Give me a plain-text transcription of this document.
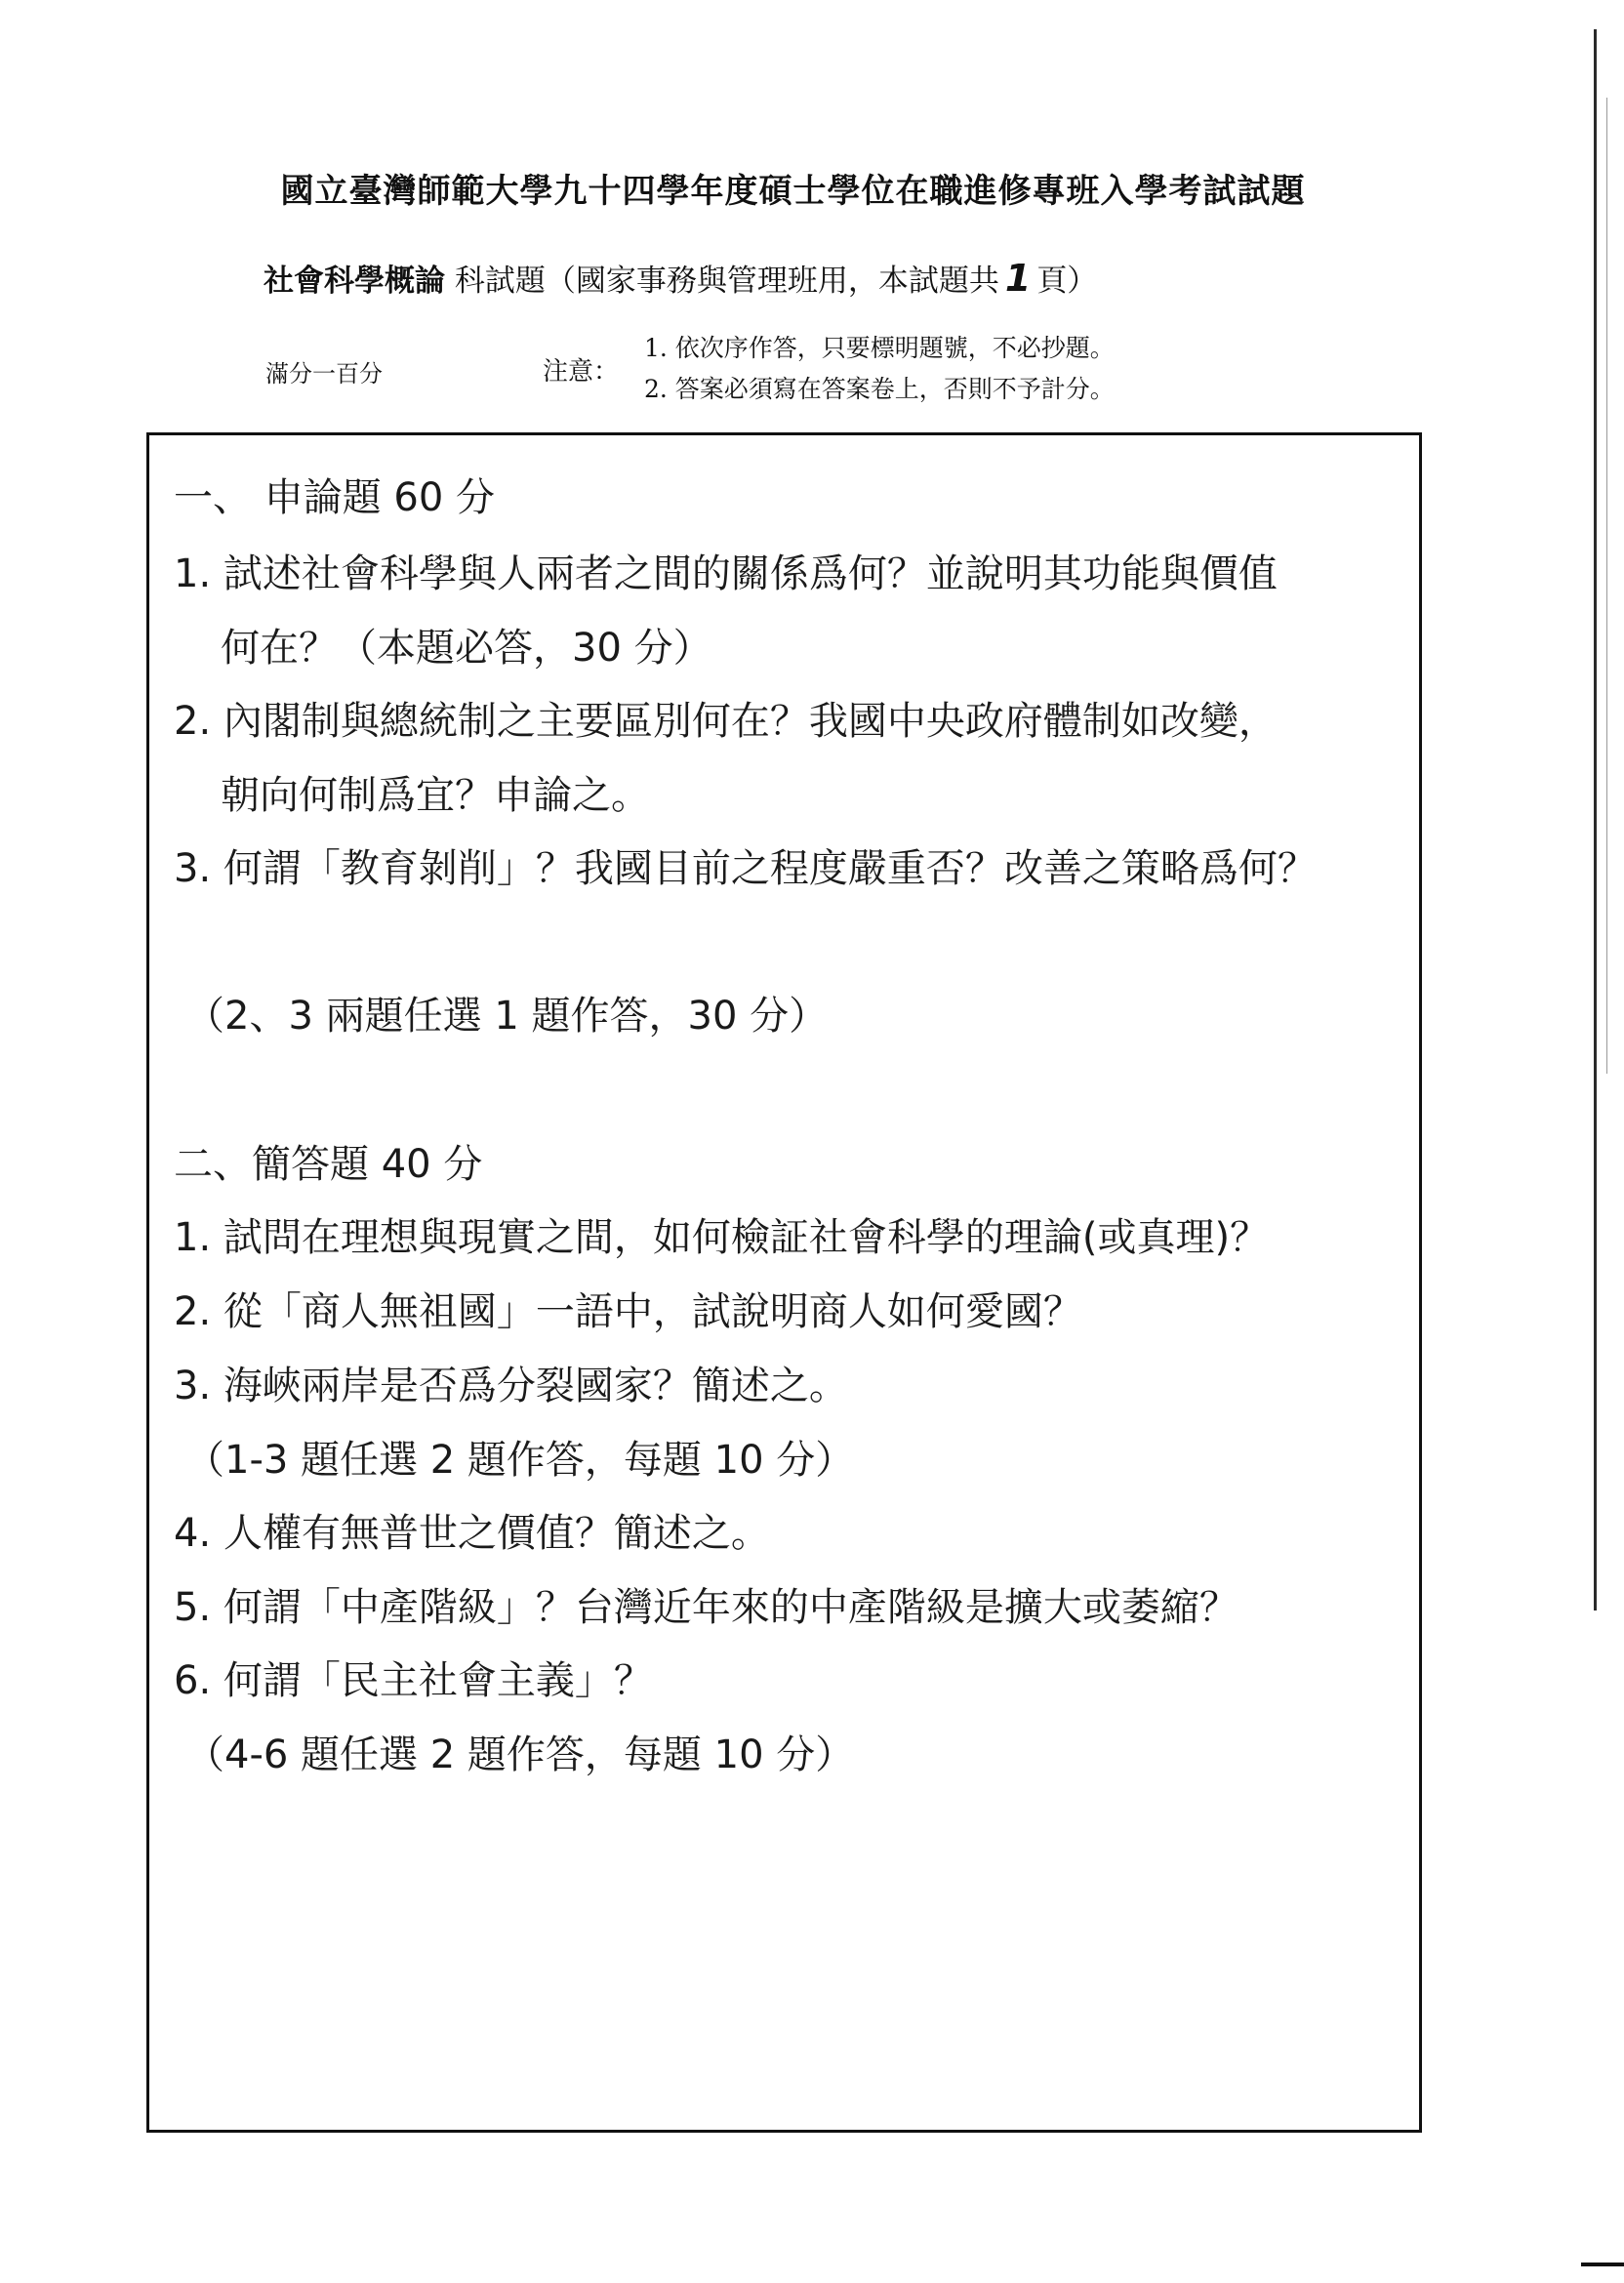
國立臺灣師範大學九十四學年度碩士學位在職進修專班入學考試試題
社會科學概論 科試題（國家事務與管理班用，本試題共 1 頁）
滿分一百分	注意：
1. 依次序作答，只要標明題號，不必抄題。
2. 答案必須寫在答案卷上，否則不予計分。
一、 申論題 60 分
1. 試述社會科學與人兩者之間的關係爲何？並說明其功能與價值
何在？（本題必答，30 分）
2. 內閣制與總統制之主要區別何在？我國中央政府體制如改變，
朝向何制爲宜？申論之。
3. 何謂「教育剝削」？我國目前之程度嚴重否？改善之策略爲何？
（2、3 兩題任選 1 題作答，30 分）
二、簡答題 40 分
1. 試問在理想與現實之間，如何檢証社會科學的理論(或真理)？
2. 從「商人無祖國」一語中，試說明商人如何愛國？
3. 海峽兩岸是否爲分裂國家？簡述之。
（1-3 題任選 2 題作答，每題 10 分）
4. 人權有無普世之價值？簡述之。
5. 何謂「中產階級」？台灣近年來的中產階級是擴大或萎縮？
6. 何謂「民主社會主義」？
（4-6 題任選 2 題作答，每題 10 分）
